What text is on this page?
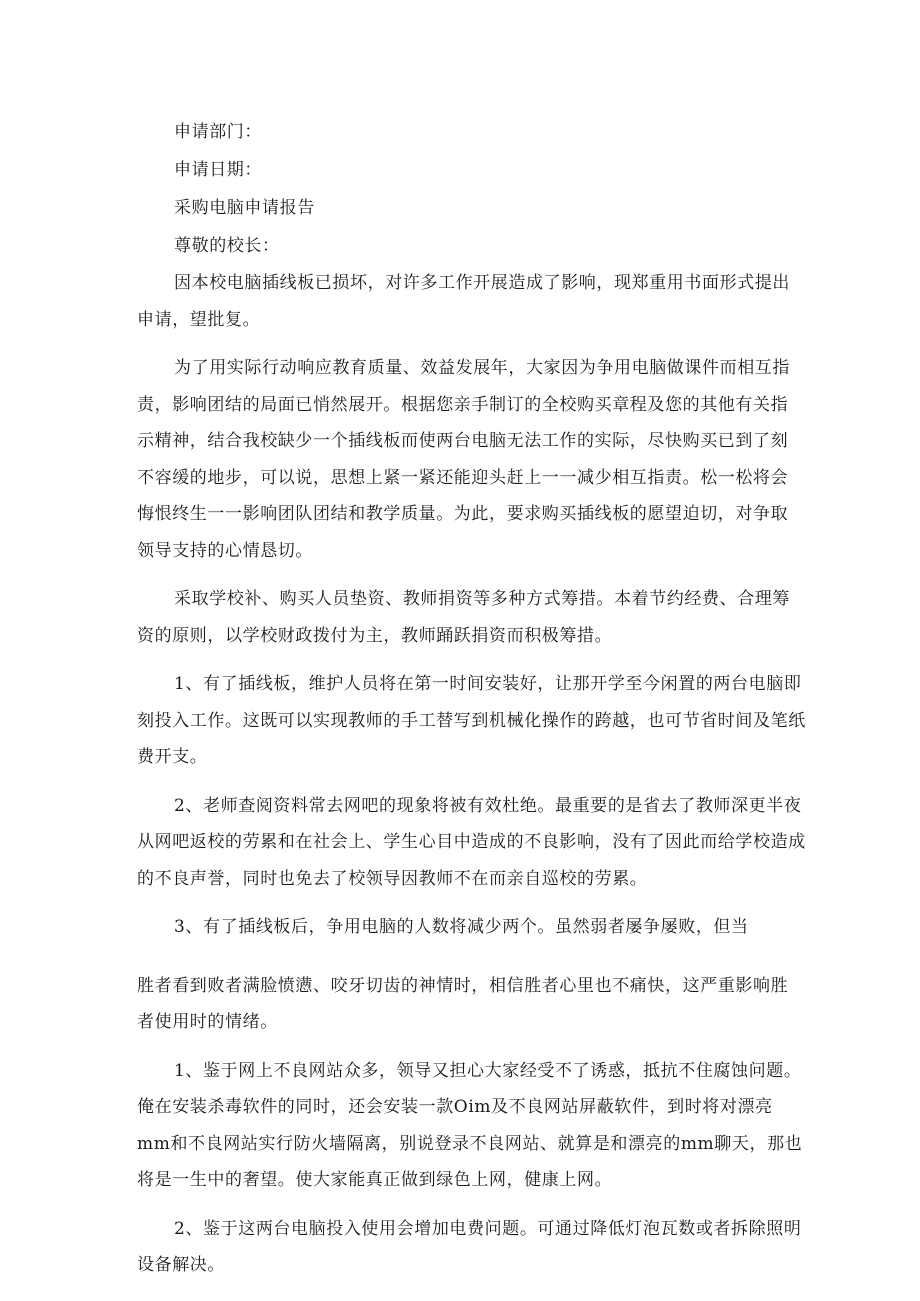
申请部门：

申请日期：

采购电脑申请报告

尊敬的校长：

因本校电脑插线板已损坏，对许多工作开展造成了影响，现郑重用书面形式提出
申请，望批复。

为了用实际行动响应教育质量、效益发展年，大家因为争用电脑做课件而相互指
责，影响团结的局面已悄然展开。根据您亲手制订的全校购买章程及您的其他有关指
示精神，结合我校缺少一个插线板而使两台电脑无法工作的实际，尽快购买已到了刻
不容缓的地步，可以说，思想上紧一紧还能迎头赶上一一减少相互指责。松一松将会
悔恨终生一一影响团队团结和教学质量。为此，要求购买插线板的愿望迫切，对争取
领导支持的心情恳切。

采取学校补、购买人员垫资、教师捐资等多种方式筹措。本着节约经费、合理筹
资的原则，以学校财政拨付为主，教师踊跃捐资而积极筹措。

1、有了插线板，维护人员将在第一时间安装好，让那开学至今闲置的两台电脑即
刻投入工作。这既可以实现教师的手工替写到机械化操作的跨越，也可节省时间及笔纸
费开支。

2、老师查阅资料常去网吧的现象将被有效杜绝。最重要的是省去了教师深更半夜
从网吧返校的劳累和在社会上、学生心目中造成的不良影响，没有了因此而给学校造成
的不良声誉，同时也免去了校领导因教师不在而亲自巡校的劳累。

3、有了插线板后，争用电脑的人数将减少两个。虽然弱者屡争屡败，但当

胜者看到败者满脸愤懑、咬牙切齿的神情时，相信胜者心里也不痛快，这严重影响胜
者使用时的情绪。

1、鉴于网上不良网站众多，领导又担心大家经受不了诱惑，抵抗不住腐蚀问题。
俺在安装杀毒软件的同时，还会安装一款Oim及不良网站屏蔽软件，到时将对漂亮
mm和不良网站实行防火墙隔离，别说登录不良网站、就算是和漂亮的mm聊天，那也
将是一生中的奢望。使大家能真正做到绿色上网，健康上网。

2、鉴于这两台电脑投入使用会增加电费问题。可通过降低灯泡瓦数或者拆除照明
设备解决。
